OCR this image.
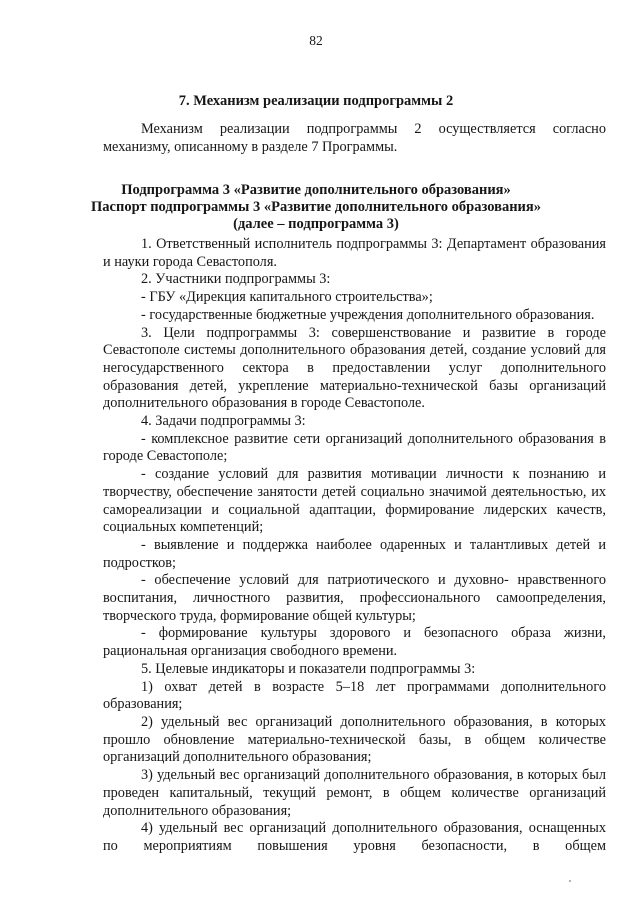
82
7. Механизм реализации подпрограммы 2

Механизм реализации подпрограммы 2 осуществляется согласно механизму, описанному в разделе 7 Программы.

Подпрограмма 3 «Развитие дополнительного образования»
Паспорт подпрограммы 3 «Развитие дополнительного образования»
(далее – подпрограмма 3)

1. Ответственный исполнитель подпрограммы 3: Департамент образования и науки города Севастополя.

2. Участники подпрограммы 3:

- ГБУ «Дирекция капитального строительства»;

- государственные бюджетные учреждения дополнительного образования.

3. Цели подпрограммы 3: совершенствование и развитие в городе Севастополе системы дополнительного образования детей, создание условий для негосударственного сектора в предоставлении услуг дополнительного образования детей, укрепление материально-технической базы организаций дополнительного образования в городе Севастополе.

4. Задачи подпрограммы 3:

- комплексное развитие сети организаций дополнительного образования в городе Севастополе;

- создание условий для развития мотивации личности к познанию и творчеству, обеспечение занятости детей социально значимой деятельностью, их самореализации и социальной адаптации, формирование лидерских качеств, социальных компетенций;

- выявление и поддержка наиболее одаренных и талантливых детей и подростков;

- обеспечение условий для патриотического и духовно- нравственного воспитания, личностного развития, профессионального самоопределения, творческого труда, формирование общей культуры;

- формирование культуры здорового и безопасного образа жизни, рациональная организация свободного времени.

5. Целевые индикаторы и показатели подпрограммы 3:

1) охват детей в возрасте 5–18 лет программами дополнительного образования;

2) удельный вес организаций дополнительного образования, в которых прошло обновление материально-технической базы, в общем количестве организаций дополнительного образования;

3) удельный вес организаций дополнительного образования, в которых был проведен капитальный, текущий ремонт, в общем количестве организаций дополнительного образования;

4) удельный вес организаций дополнительного образования, оснащенных по мероприятиям повышения уровня безопасности, в общем
